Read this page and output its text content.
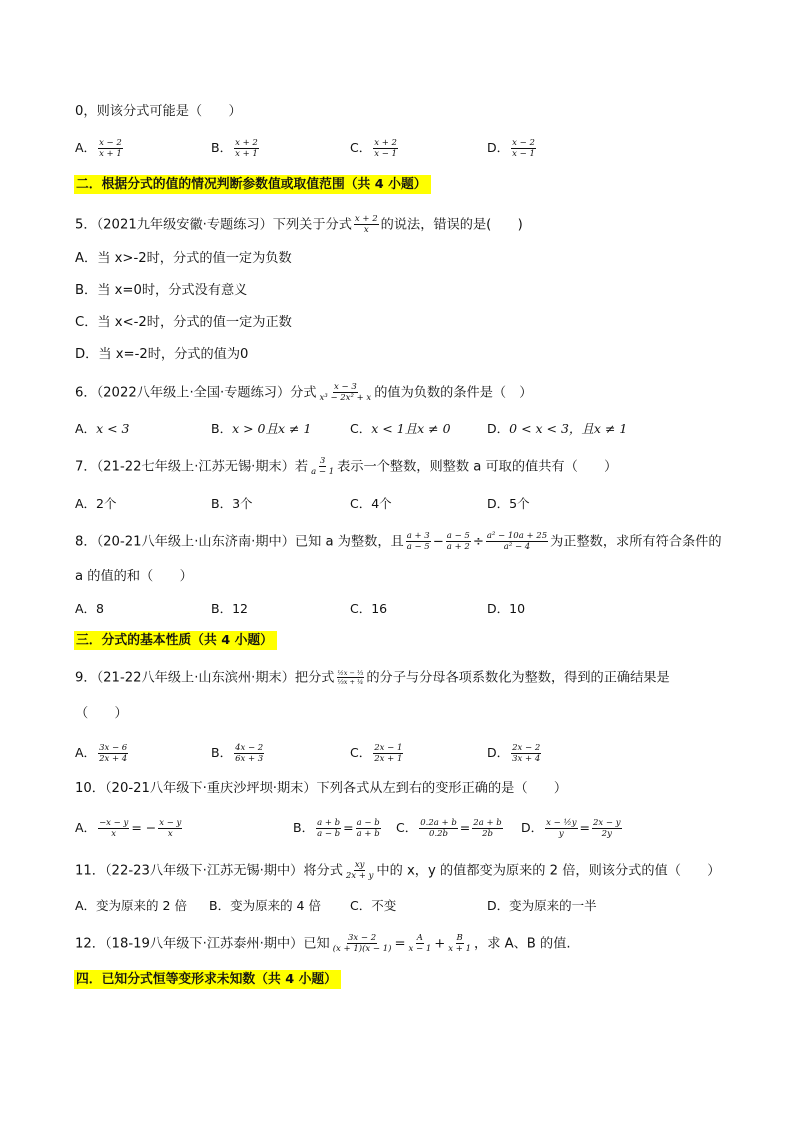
0，则该分式可能是（　　）
A． $\frac{x - 2}{x + 1}$	B． $\frac{x + 2}{x + 1}$	C． $\frac{x + 2}{x - 1}$	D． $\frac{x - 2}{x - 1}$
二．根据分式的值的情况判断参数值或取值范围（共 4 小题）
5．（2021九年级安徽·专题练习）下列关于分式 $\frac{x + 2}{x}$ 的说法，错误的是(　　)
A．当 x>-2时，分式的值一定为负数
B．当 x=0时，分式没有意义
C．当 x<-2时，分式的值一定为正数
D．当 x=-2时，分式的值为0
6．（2022八年级上·全国·专题练习）分式 $\frac{x - 3}{\text{x³ − 2x² + x}}$ 的值为负数的条件是（　）
A．x < 3	B．x > 0且x ≠ 1	C．x < 1且x ≠ 0	D．0 < x < 3，且x ≠ 1
7．（21-22七年级上·江苏无锡·期末）若 $\frac{3}{a - 1}$ 表示一个整数，则整数 a 可取的值共有（　　）
A．2个	B．3个	C．4个	D．5个
8．（20-21八年级上·山东济南·期中）已知 a 为整数，且 $\frac{a + 3}{a - 5} - \frac{a - 5}{a + 2} \div \frac{\text{a² − 10a + 25}}{\text{a² − 4}}$ 为正整数，求所有符合条件的
a 的值的和（　　）
A．8	B．12	C．16	D．10
三．分式的基本性质（共 4 小题）
9．（21-22八年级上·山东滨州·期末）把分式 $\frac{\text{½x − ⅓}}{\text{⅓x + ¼}}$ 的分子与分母各项系数化为整数，得到的正确结果是
（　　）
A． $\frac{3x - 6}{2x + 4}$	B． $\frac{4x - 2}{6x + 3}$	C． $\frac{2x - 1}{2x + 1}$	D． $\frac{2x - 2}{3x + 4}$
10．（20-21八年级下·重庆沙坪坝·期末）下列各式从左到右的变形正确的是（　　）
A． $\frac{-x - y}{x}$ = − $\frac{x - y}{x}$	B． $\frac{a + b}{a - b} = \frac{a - b}{a + b}$ C． $\frac{0.2a + b}{0.2b} = \frac{2a + b}{2b}$ D． $\frac{\text{x − ½y}}{y} = \frac{2x - y}{2y}$
11．（22-23八年级下·江苏无锡·期中）将分式 $\frac{xy}{2x + y}$ 中的 x，y 的值都变为原来的 2 倍，则该分式的值（　　）
A．变为原来的 2 倍 B．变为原来的 4 倍 C．不变	D．变为原来的一半
12．（18-19八年级下·江苏泰州·期中）已知 $\frac{3x - 2}{(x + 1)(x - 1)} = \frac{A}{x - 1} + \frac{B}{x + 1}$ ，求 A、B 的值.
四．已知分式恒等变形求未知数（共 4 小题）
